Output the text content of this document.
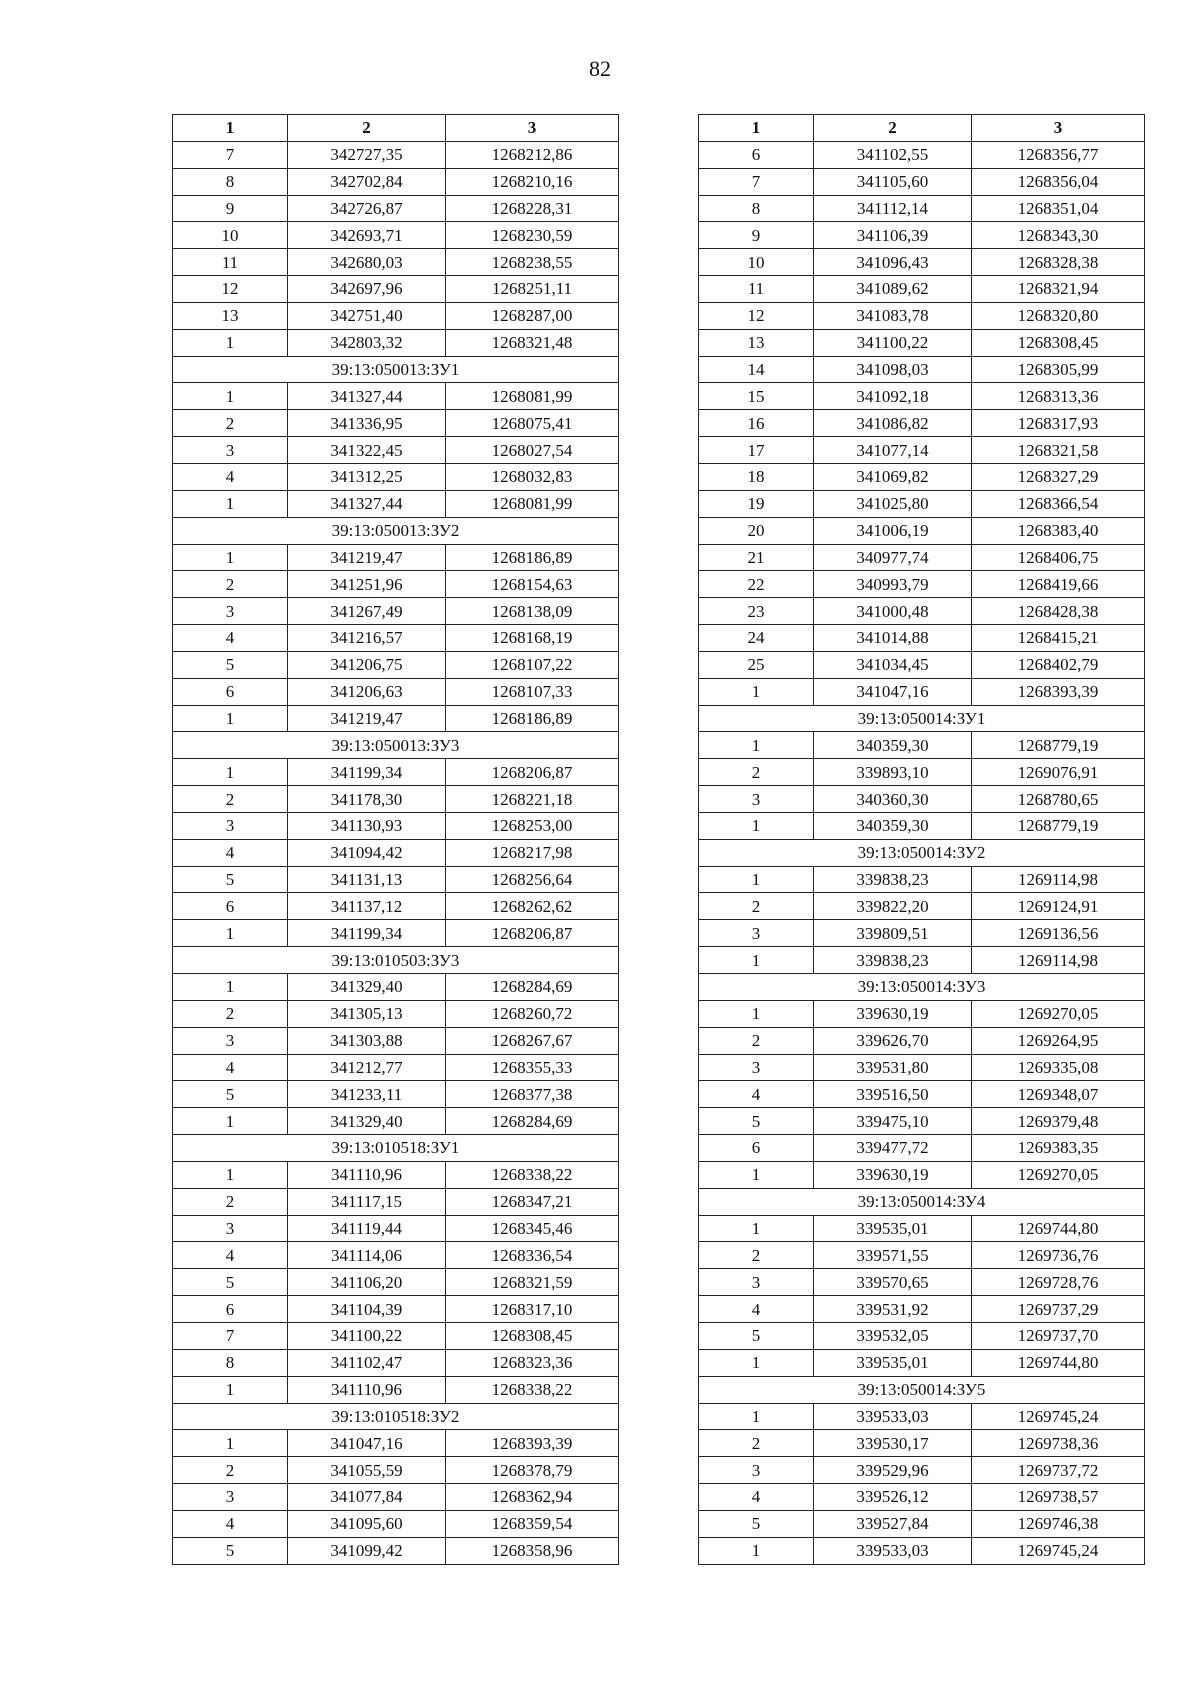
82
1	2	3
7	342727,35	1268212,86
8	342702,84	1268210,16
9	342726,87	1268228,31
10	342693,71	1268230,59
11	342680,03	1268238,55
12	342697,96	1268251,11
13	342751,40	1268287,00
1	342803,32	1268321,48
39:13:050013:ЗУ1		
1	341327,44	1268081,99
2	341336,95	1268075,41
3	341322,45	1268027,54
4	341312,25	1268032,83
1	341327,44	1268081,99
39:13:050013:ЗУ2		
1	341219,47	1268186,89
2	341251,96	1268154,63
3	341267,49	1268138,09
4	341216,57	1268168,19
5	341206,75	1268107,22
6	341206,63	1268107,33
1	341219,47	1268186,89
39:13:050013:ЗУ3		
1	341199,34	1268206,87
2	341178,30	1268221,18
3	341130,93	1268253,00
4	341094,42	1268217,98
5	341131,13	1268256,64
6	341137,12	1268262,62
1	341199,34	1268206,87
39:13:010503:ЗУ3		
1	341329,40	1268284,69
2	341305,13	1268260,72
3	341303,88	1268267,67
4	341212,77	1268355,33
5	341233,11	1268377,38
1	341329,40	1268284,69
39:13:010518:ЗУ1		
1	341110,96	1268338,22
2	341117,15	1268347,21
3	341119,44	1268345,46
4	341114,06	1268336,54
5	341106,20	1268321,59
6	341104,39	1268317,10
7	341100,22	1268308,45
8	341102,47	1268323,36
1	341110,96	1268338,22
39:13:010518:ЗУ2		
1	341047,16	1268393,39
2	341055,59	1268378,79
3	341077,84	1268362,94
4	341095,60	1268359,54
5	341099,42	1268358,96
1	2	3
6	341102,55	1268356,77
7	341105,60	1268356,04
8	341112,14	1268351,04
9	341106,39	1268343,30
10	341096,43	1268328,38
11	341089,62	1268321,94
12	341083,78	1268320,80
13	341100,22	1268308,45
14	341098,03	1268305,99
15	341092,18	1268313,36
16	341086,82	1268317,93
17	341077,14	1268321,58
18	341069,82	1268327,29
19	341025,80	1268366,54
20	341006,19	1268383,40
21	340977,74	1268406,75
22	340993,79	1268419,66
23	341000,48	1268428,38
24	341014,88	1268415,21
25	341034,45	1268402,79
1	341047,16	1268393,39
39:13:050014:ЗУ1		
1	340359,30	1268779,19
2	339893,10	1269076,91
3	340360,30	1268780,65
1	340359,30	1268779,19
39:13:050014:ЗУ2		
1	339838,23	1269114,98
2	339822,20	1269124,91
3	339809,51	1269136,56
1	339838,23	1269114,98
39:13:050014:ЗУ3		
1	339630,19	1269270,05
2	339626,70	1269264,95
3	339531,80	1269335,08
4	339516,50	1269348,07
5	339475,10	1269379,48
6	339477,72	1269383,35
1	339630,19	1269270,05
39:13:050014:ЗУ4		
1	339535,01	1269744,80
2	339571,55	1269736,76
3	339570,65	1269728,76
4	339531,92	1269737,29
5	339532,05	1269737,70
1	339535,01	1269744,80
39:13:050014:ЗУ5		
1	339533,03	1269745,24
2	339530,17	1269738,36
3	339529,96	1269737,72
4	339526,12	1269738,57
5	339527,84	1269746,38
1	339533,03	1269745,24
